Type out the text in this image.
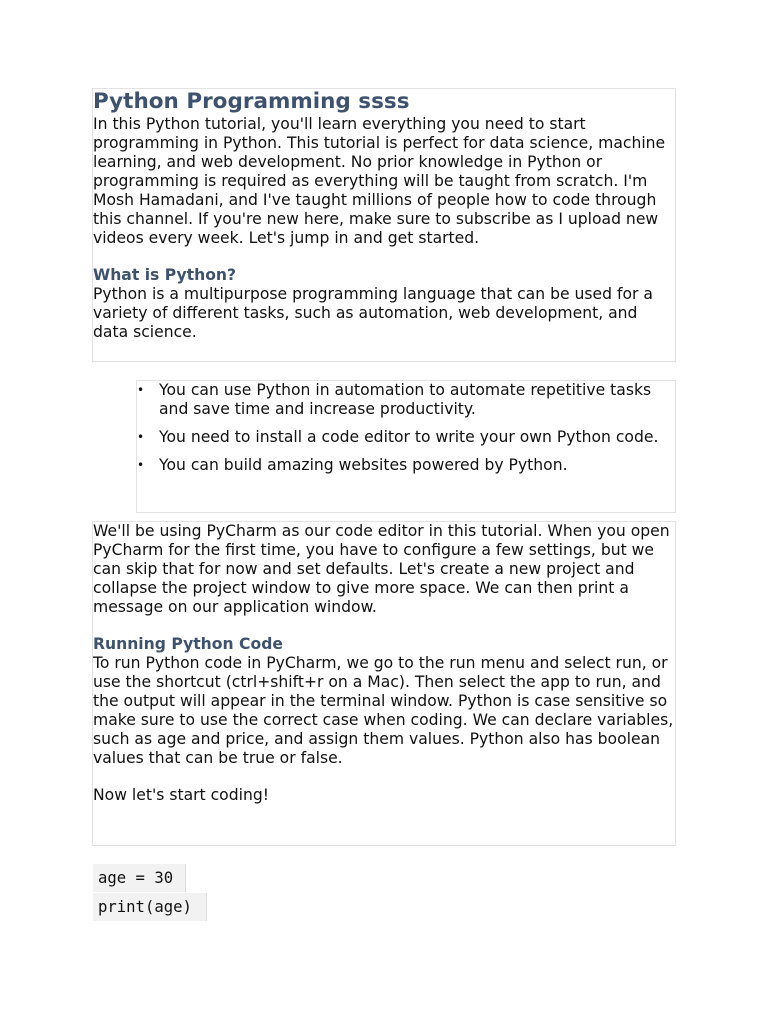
Python Programming ssss

In this Python tutorial, you'll learn everything you need to start programming in Python. This tutorial is perfect for data science, machine learning, and web development. No prior knowledge in Python or programming is required as everything will be taught from scratch. I'm Mosh Hamadani, and I've taught millions of people how to code through this channel. If you're new here, make sure to subscribe as I upload new videos every week. Let's jump in and get started.

What is Python?

Python is a multipurpose programming language that can be used for a variety of different tasks, such as automation, web development, and data science.

• You can use Python in automation to automate repetitive tasks and save time and increase productivity.
• You need to install a code editor to write your own Python code.
• You can build amazing websites powered by Python.

We'll be using PyCharm as our code editor in this tutorial. When you open PyCharm for the first time, you have to configure a few settings, but we can skip that for now and set defaults. Let's create a new project and collapse the project window to give more space. We can then print a message on our application window.

Running Python Code

To run Python code in PyCharm, we go to the run menu and select run, or use the shortcut (ctrl+shift+r on a Mac). Then select the app to run, and the output will appear in the terminal window. Python is case sensitive so make sure to use the correct case when coding. We can declare variables, such as age and price, and assign them values. Python also has boolean values that can be true or false.

Now let's start coding!

age = 30
print(age)
